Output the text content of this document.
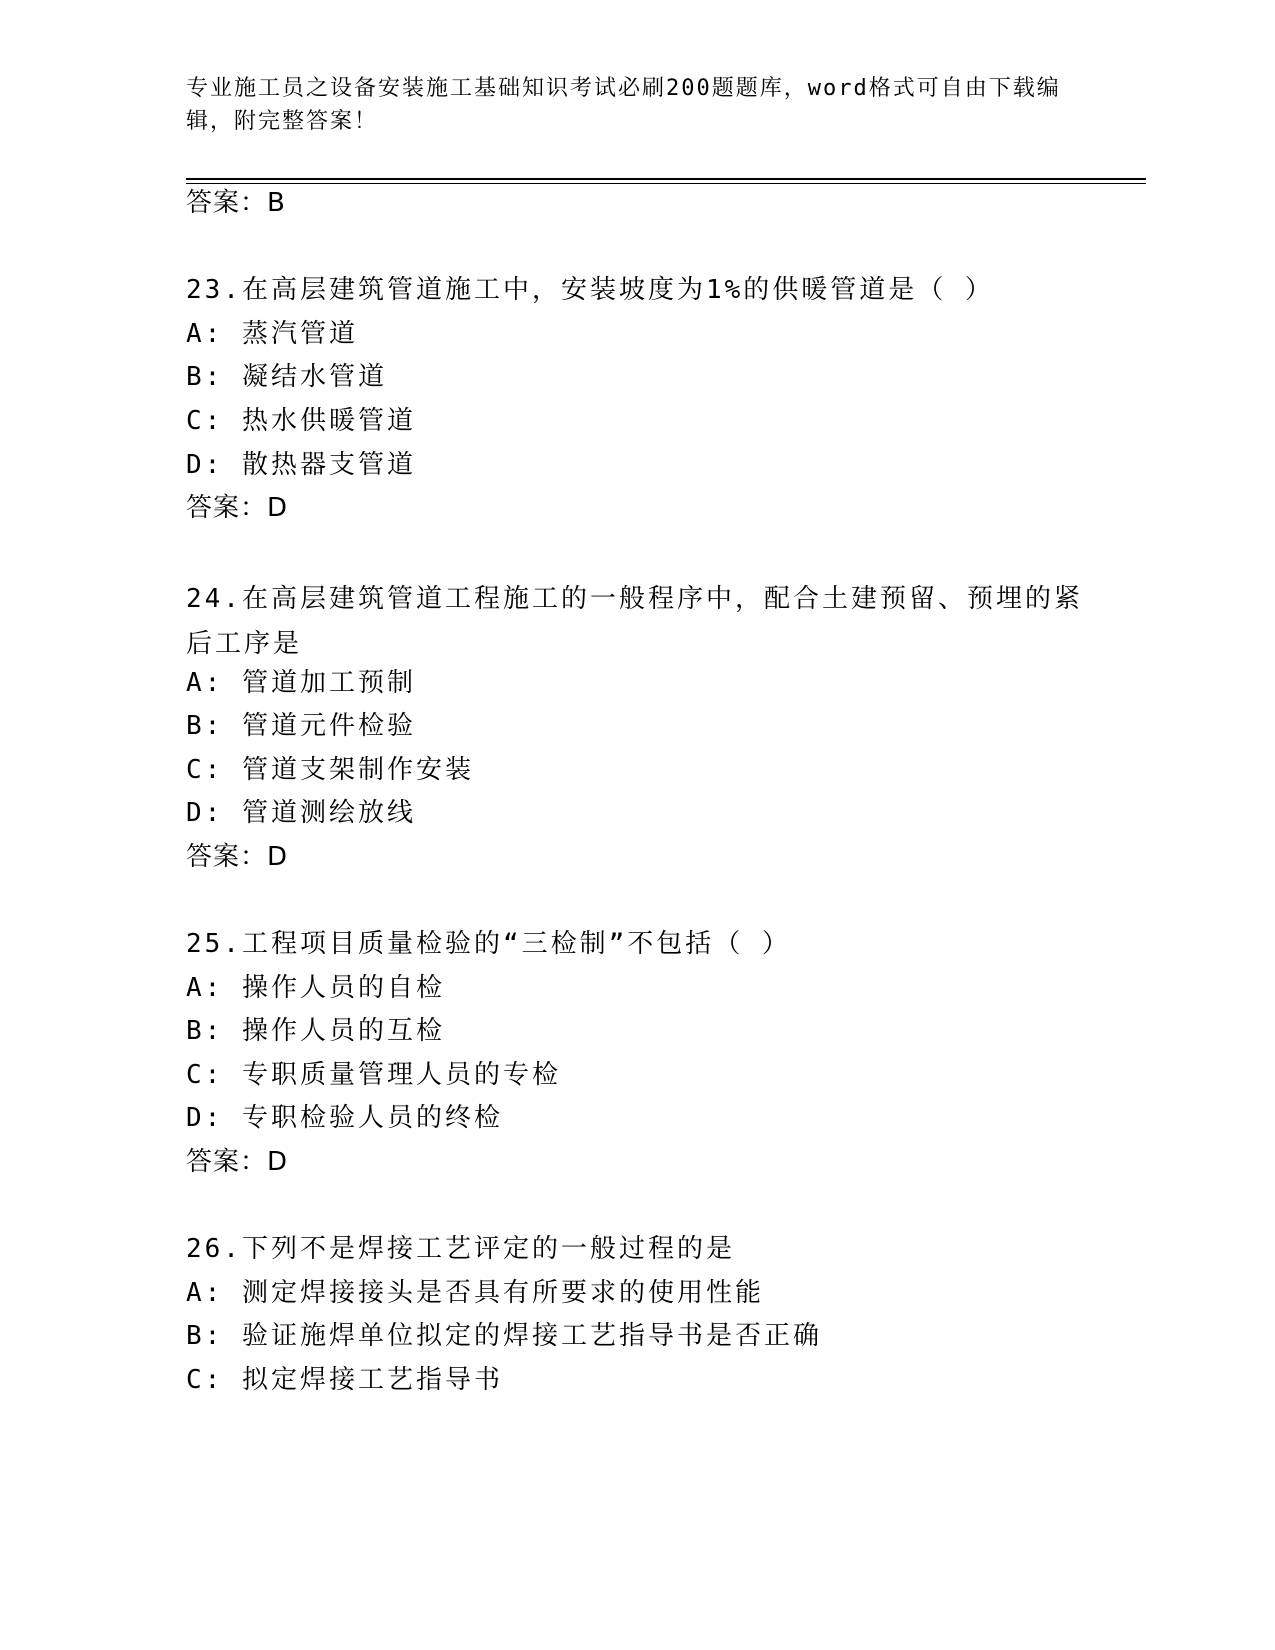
专业施工员之设备安装施工基础知识考试必刷200题题库，word格式可自由下载编辑，附完整答案！
答案：B
23.在高层建筑管道施工中，安装坡度为1%的供暖管道是（ ）
A: 蒸汽管道
B: 凝结水管道
C: 热水供暖管道
D: 散热器支管道
答案：D
24.在高层建筑管道工程施工的一般程序中，配合土建预留、预埋的紧后工序是
A: 管道加工预制
B: 管道元件检验
C: 管道支架制作安装
D: 管道测绘放线
答案：D
25.工程项目质量检验的“三检制”不包括（ ）
A: 操作人员的自检
B: 操作人员的互检
C: 专职质量管理人员的专检
D: 专职检验人员的终检
答案：D
26.下列不是焊接工艺评定的一般过程的是
A: 测定焊接接头是否具有所要求的使用性能
B: 验证施焊单位拟定的焊接工艺指导书是否正确
C: 拟定焊接工艺指导书
